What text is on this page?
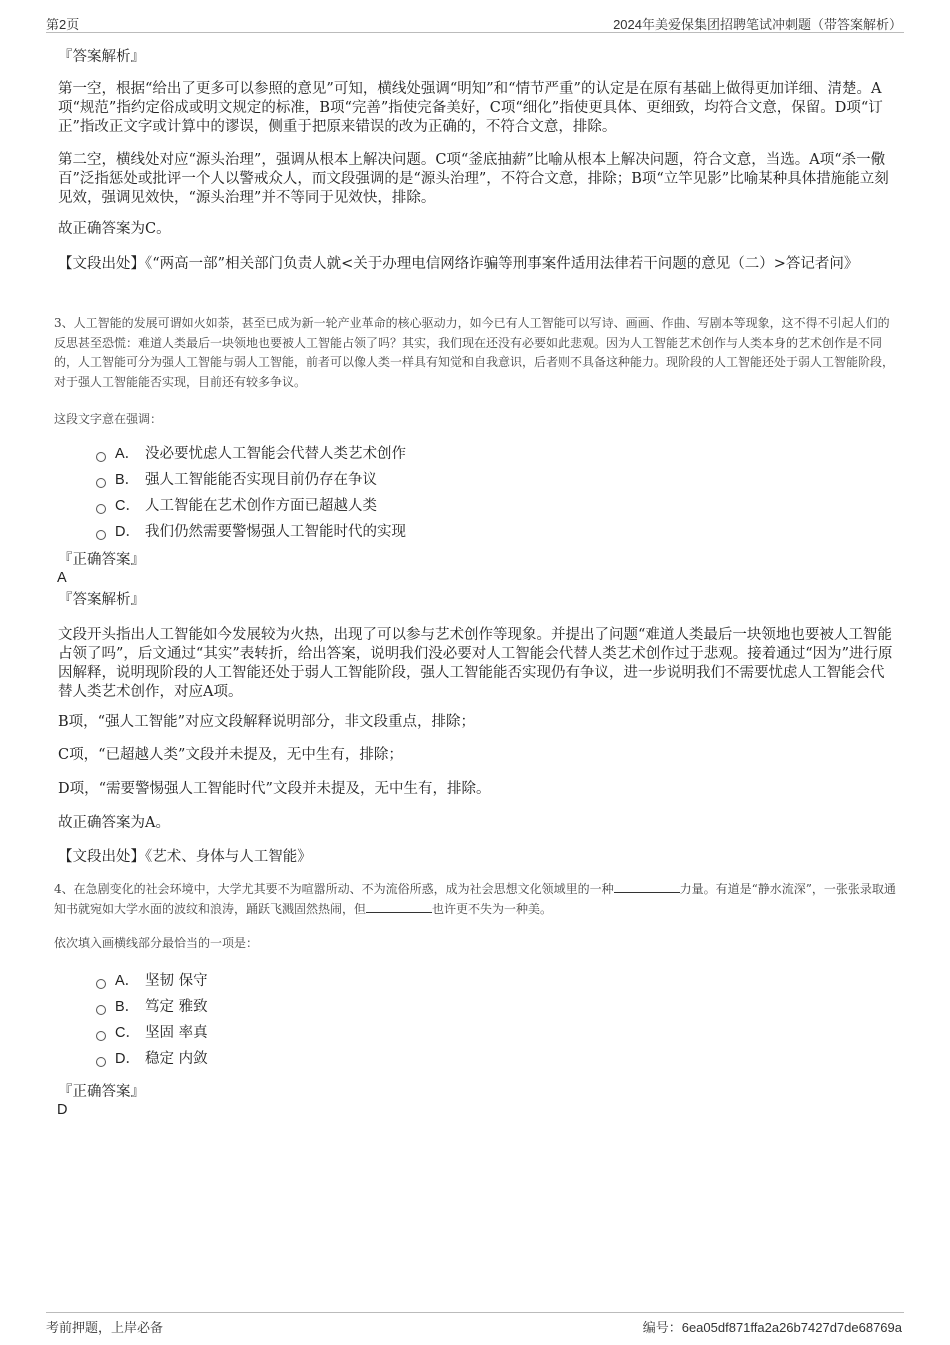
第2页	2024年美爱保集团招聘笔试冲刺题（带答案解析）
『答案解析』
第一空，根据“给出了更多可以参照的意见”可知，横线处强调“明知”和“情节严重”的认定是在原有基础上做得更加详细、清楚。A项“规范”指约定俗成或明文规定的标准，B项“完善”指使完备美好，C项“细化”指使更具体、更细致，均符合文意，保留。D项“订正”指改正文字或计算中的谬误，侧重于把原来错误的改为正确的，不符合文意，排除。
第二空，横线处对应“源头治理”，强调从根本上解决问题。C项“釜底抽薪”比喻从根本上解决问题，符合文意，当选。A项“杀一儆百”泛指惩处或批评一个人以警戒众人，而文段强调的是“源头治理”，不符合文意，排除；B项“立竿见影”比喻某种具体措施能立刻见效，强调见效快，“源头治理”并不等同于见效快，排除。
故正确答案为C。
【文段出处】《“两高一部”相关部门负责人就<关于办理电信网络诈骗等刑事案件适用法律若干问题的意见（二）>答记者问》
3、人工智能的发展可谓如火如荼，甚至已成为新一轮产业革命的核心驱动力，如今已有人工智能可以写诗、画画、作曲、写剧本等现象，这不得不引起人们的反思甚至恐慌：难道人类最后一块领地也要被人工智能占领了吗？其实，我们现在还没有必要如此悲观。因为人工智能艺术创作与人类本身的艺术创作是不同的，人工智能可分为强人工智能与弱人工智能，前者可以像人类一样具有知觉和自我意识，后者则不具备这种能力。现阶段的人工智能还处于弱人工智能阶段，对于强人工智能能否实现，目前还有较多争议。
这段文字意在强调：
A． 没必要忧虑人工智能会代替人类艺术创作
B． 强人工智能能否实现目前仍存在争议
C． 人工智能在艺术创作方面已超越人类
D． 我们仍然需要警惕强人工智能时代的实现
『正确答案』
A
『答案解析』
文段开头指出人工智能如今发展较为火热，出现了可以参与艺术创作等现象。并提出了问题“难道人类最后一块领地也要被人工智能占领了吗”，后文通过“其实”表转折，给出答案，说明我们没必要对人工智能会代替人类艺术创作过于悲观。接着通过“因为”进行原因解释，说明现阶段的人工智能还处于弱人工智能阶段，强人工智能能否实现仍有争议，进一步说明我们不需要忧虑人工智能会代替人类艺术创作，对应A项。
B项，“强人工智能”对应文段解释说明部分，非文段重点，排除；
C项，“已超越人类”文段并未提及，无中生有，排除；
D项，“需要警惕强人工智能时代”文段并未提及，无中生有，排除。
故正确答案为A。
【文段出处】《艺术、身体与人工智能》
4、在急剧变化的社会环境中，大学尤其要不为喧嚣所动、不为流俗所惑，成为社会思想文化领域里的一种	力量。有道是“静水流深”，一张张录取通知书就宛如大学水面的波纹和浪涛，踊跃飞溅固然热闹，但	也许更不失为一种美。
依次填入画横线部分最恰当的一项是：
A． 坚韧 保守
B． 笃定 雅致
C． 坚固 率真
D． 稳定 内敛
『正确答案』
D
考前押题，上岸必备	编号：6ea05df871ffa2a26b7427d7de68769a
